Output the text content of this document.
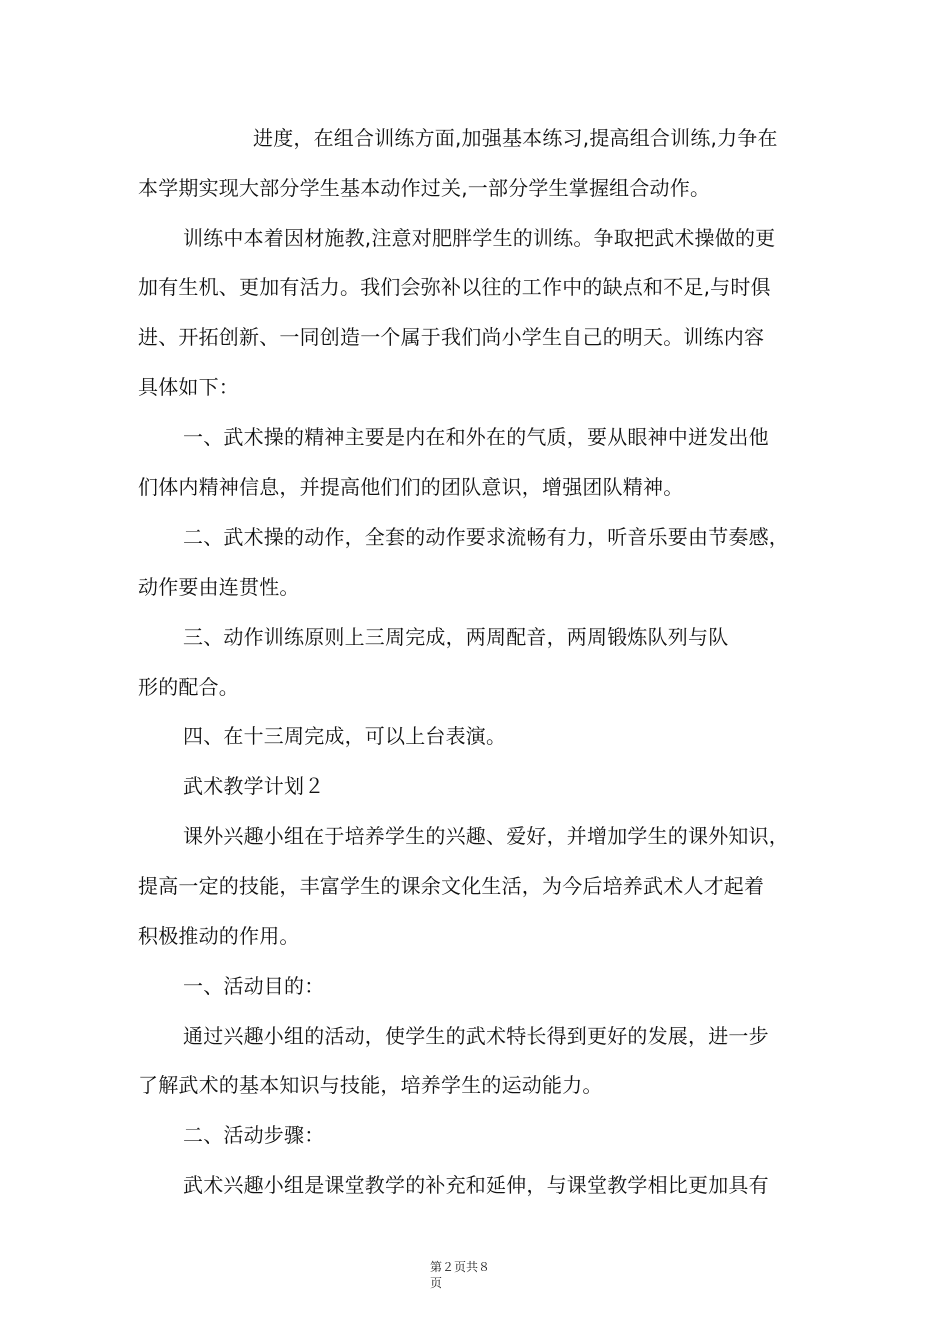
进度，在组合训练方面,加强基本练习,提高组合训练,力争在
本学期实现大部分学生基本动作过关,一部分学生掌握组合动作。
训练中本着因材施教,注意对肥胖学生的训练。争取把武术操做的更
加有生机、更加有活力。我们会弥补以往的工作中的缺点和不足,与时俱
进、开拓创新、一同创造一个属于我们尚小学生自己的明天。训练内容
具体如下：
一、武术操的精神主要是内在和外在的气质，要从眼神中迸发出他
们体内精神信息，并提高他们们的团队意识，增强团队精神。
二、武术操的动作，全套的动作要求流畅有力，听音乐要由节奏感，
动作要由连贯性。
三、动作训练原则上三周完成，两周配音，两周锻炼队列与队
形的配合。
四、在十三周完成，可以上台表演。
武术教学计划２
课外兴趣小组在于培养学生的兴趣、爱好，并增加学生的课外知识，
提高一定的技能，丰富学生的课余文化生活，为今后培养武术人才起着
积极推动的作用。
一、活动目的：
通过兴趣小组的活动，使学生的武术特长得到更好的发展，进一步
了解武术的基本知识与技能，培养学生的运动能力。
二、活动步骤：
武术兴趣小组是课堂教学的补充和延伸，与课堂教学相比更加具有
第２页共８
页
